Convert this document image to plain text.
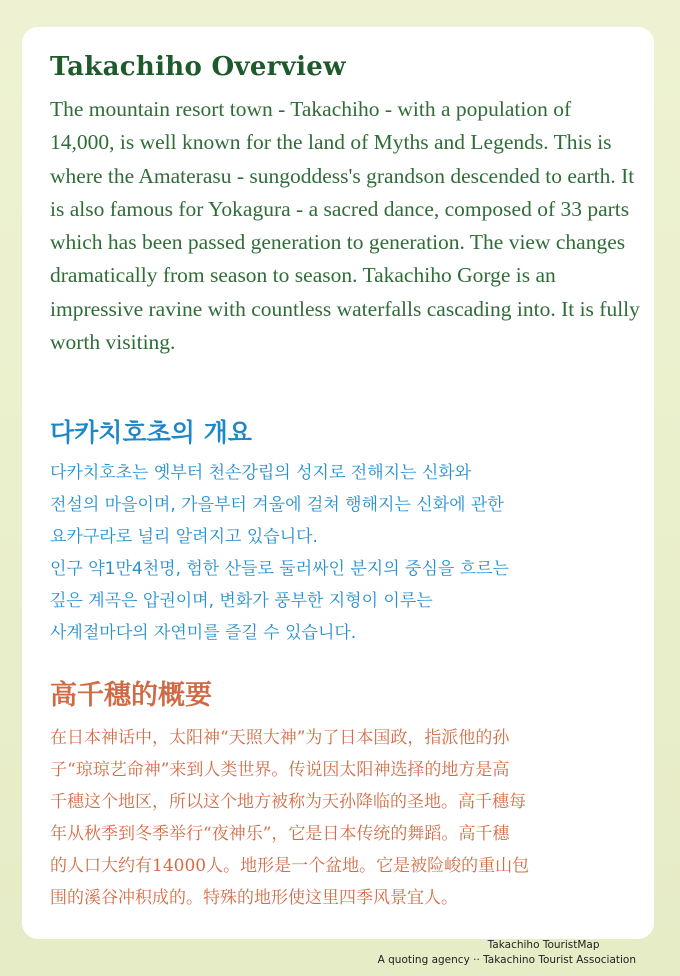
Takachiho Overview

The mountain resort town - Takachiho - with a population of 14,000, is well known for the land of Myths and Legends. This is where the Amaterasu - sungoddess's grandson descended to earth. It is also famous for Yokagura - a sacred dance, composed of 33 parts which has been passed generation to generation. The view changes dramatically from season to season. Takachiho Gorge is an impressive ravine with countless waterfalls cascading into. It is fully worth visiting.

다카치호초의 개요
다카치호초는 옛부터 천손강립의 성지로 전해지는 신화와
전설의 마을이며, 가을부터 겨울에 걸쳐 행해지는 신화에 관한
요카구라로 널리 알려지고 있습니다.
인구 약1만4천명, 험한 산들로 둘러싸인 분지의 중심을 흐르는
깊은 계곡은 압권이며, 변화가 풍부한 지형이 이루는
사계절마다의 자연미를 즐길 수 있습니다.
高千穗的概要
在日本神话中，太阳神“天照大神”为了日本国政，指派他的孙
子“琼琼艺命神”来到人类世界。传说因太阳神选择的地方是高
千穗这个地区，所以这个地方被称为天孙降临的圣地。高千穗每
年从秋季到冬季举行“夜神乐”，它是日本传统的舞蹈。高千穗
的人口大约有14000人。地形是一个盆地。它是被险峻的重山包
围的溪谷冲积成的。特殊的地形使这里四季风景宜人。
Takachiho TouristMap
A quoting agency ·· Takachino Tourist Association
